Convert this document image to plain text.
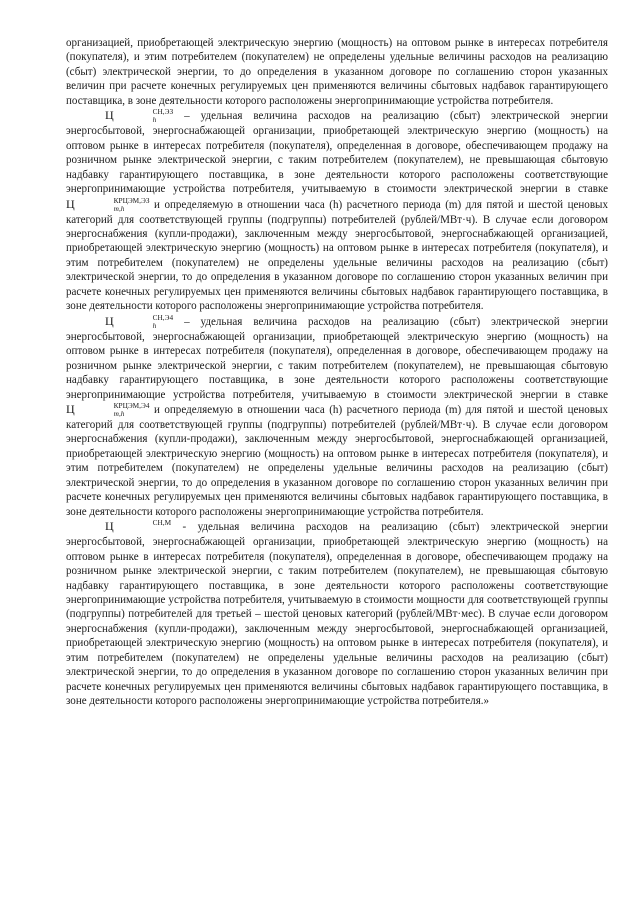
организацией, приобретающей электрическую энергию (мощность) на оптовом рынке в интересах потребителя (покупателя), и этим потребителем (покупателем) не определены удельные величины расходов на реализацию (сбыт) электрической энергии, то до определения в указанном договоре по соглашению сторон указанных величин при расчете конечных регулируемых цен применяются величины сбытовых надбавок гарантирующего поставщика, в зоне деятельности которого расположены энергопринимающие устройства потребителя.

Ц	СН,ЭЗ
h	– удельная величина расходов на реализацию (сбыт) электрической энергии энергосбытовой, энергоснабжающей организации, приобретающей электрическую энергию (мощность) на оптовом рынке в интересах потребителя (покупателя), определенная в договоре, обеспечивающем продажу на розничном рынке электрической энергии, с таким потребителем (покупателем), не превышающая сбытовую надбавку гарантирующего поставщика, в зоне деятельности которого расположены соответствующие энергопринимающие устройства потребителя, учитываемую в стоимости электрической энергии в ставке Ц	КРЦЭМ,ЭЗ
m,h	и определяемую в отношении часа (h) расчетного периода (m) для пятой и шестой ценовых категорий для соответствующей группы (подгруппы) потребителей (рублей/МВт·ч). В случае если договором энергоснабжения (купли-продажи), заключенным между энергосбытовой, энергоснабжающей организацией, приобретающей электрическую энергию (мощность) на оптовом рынке в интересах потребителя (покупателя), и этим потребителем (покупателем) не определены удельные величины расходов на реализацию (сбыт) электрической энергии, то до определения в указанном договоре по соглашению сторон указанных величин при расчете конечных регулируемых цен применяются величины сбытовых надбавок гарантирующего поставщика, в зоне деятельности которого расположены энергопринимающие устройства потребителя.

Ц	СН,Э4
h	– удельная величина расходов на реализацию (сбыт) электрической энергии энергосбытовой, энергоснабжающей организации, приобретающей электрическую энергию (мощность) на оптовом рынке в интересах потребителя (покупателя), определенная в договоре, обеспечивающем продажу на розничном рынке электрической энергии, с таким потребителем (покупателем), не превышающая сбытовую надбавку гарантирующего поставщика, в зоне деятельности которого расположены соответствующие энергопринимающие устройства потребителя, учитываемую в стоимости электрической энергии в ставке Ц	КРЦЭМ,Э4
m,h	и определяемую в отношении часа (h) расчетного периода (m) для пятой и шестой ценовых категорий для соответствующей группы (подгруппы) потребителей (рублей/МВт·ч). В случае если договором энергоснабжения (купли-продажи), заключенным между энергосбытовой, энергоснабжающей организацией, приобретающей электрическую энергию (мощность) на оптовом рынке в интересах потребителя (покупателя), и этим потребителем (покупателем) не определены удельные величины расходов на реализацию (сбыт) электрической энергии, то до определения в указанном договоре по соглашению сторон указанных величин при расчете конечных регулируемых цен применяются величины сбытовых надбавок гарантирующего поставщика, в зоне деятельности которого расположены энергопринимающие устройства потребителя.

Ц	СН,М
- удельная величина расходов на реализацию (сбыт) электрической энергии энергосбытовой, энергоснабжающей организации, приобретающей электрическую энергию (мощность) на оптовом рынке в интересах потребителя (покупателя), определенная в договоре, обеспечивающем продажу на розничном рынке электрической энергии, с таким потребителем (покупателем), не превышающая сбытовую надбавку гарантирующего поставщика, в зоне деятельности которого расположены соответствующие энергопринимающие устройства потребителя, учитываемую в стоимости мощности для соответствующей группы (подгруппы) потребителей для третьей – шестой ценовых категорий (рублей/МВт·мес). В случае если договором энергоснабжения (купли-продажи), заключенным между энергосбытовой, энергоснабжающей организацией, приобретающей электрическую энергию (мощность) на оптовом рынке в интересах потребителя (покупателя), и этим потребителем (покупателем) не определены удельные величины расходов на реализацию (сбыт) электрической энергии, то до определения в указанном договоре по соглашению сторон указанных величин при расчете конечных регулируемых цен применяются величины сбытовых надбавок гарантирующего поставщика, в зоне деятельности которого расположены энергопринимающие устройства потребителя.»
